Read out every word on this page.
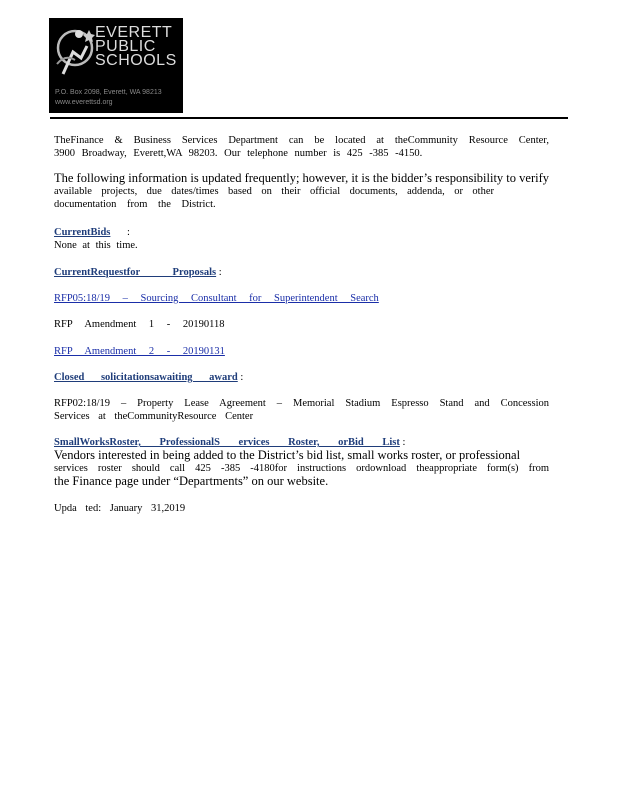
EVERETT
PUBLIC
SCHOOLS
P.O. Box 2098, Everett, WA 98213
www.everettsd.org
TheFinance & Business Services Department can be located at theCommunity Resource Center,
3900 Broadway, Everett,WA 98203. Our telephone number is 425 -385 -4150.
The following information is updated frequently; however, it is the bidder’s responsibility to verify
available projects, due dates/times based on their official documents, addenda, or other
documentation from the District.
CurrentBids :
None at this time.
CurrentRequestfor Proposals :
RFP05:18/19 – Sourcing Consultant for Superintendent Search
RFP Amendment 1 - 20190118
RFP Amendment 2 - 20190131
Closed solicitationsawaiting award :
RFP02:18/19 – Property Lease Agreement – Memorial Stadium Espresso Stand and Concession
Services at theCommunityResource Center
SmallWorksRoster, ProfessionalS ervices Roster, orBid List :
Vendors interested in being added to the District’s bid list, small works roster, or professional
services roster should call 425 -385 -4180for instructions ordownload theappropriate form(s) from
the Finance page under “Departments” on our website.
Upda ted: January 31,2019
